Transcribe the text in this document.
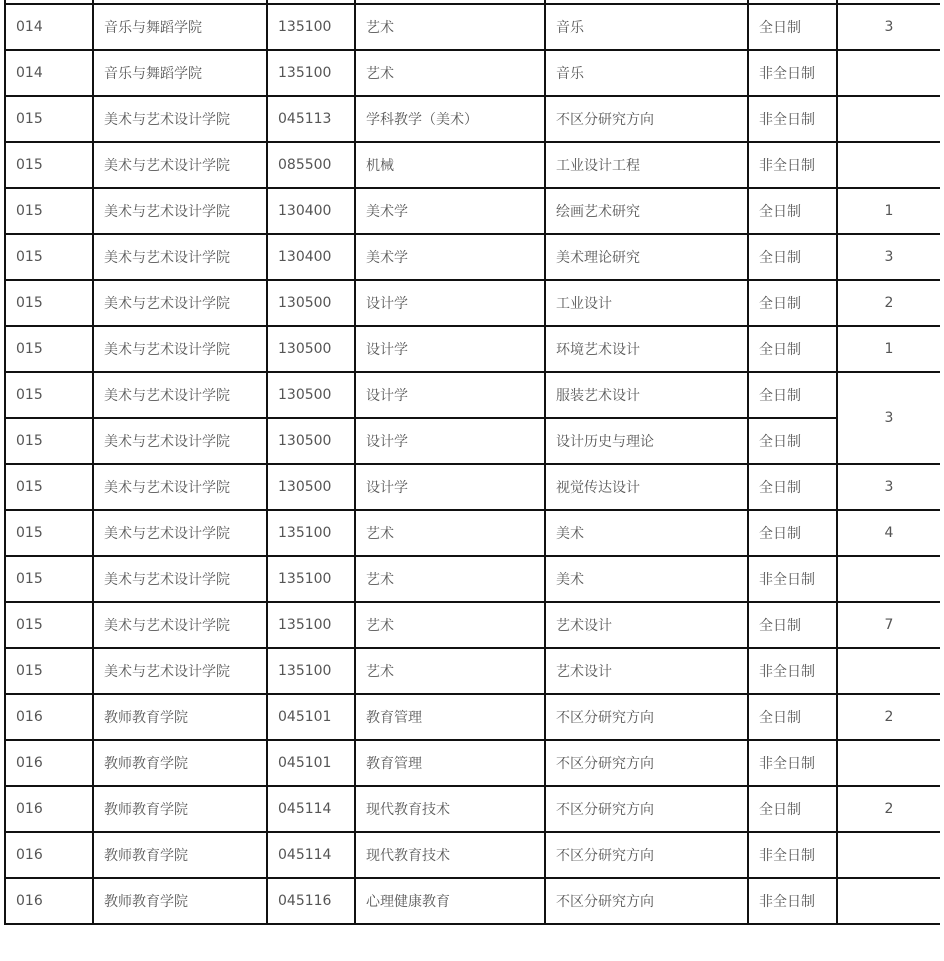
014	音乐与舞蹈学院	135100	艺术	音乐	全日制	3
014	音乐与舞蹈学院	135100	艺术	音乐	非全日制	
015	美术与艺术设计学院	045113	学科教学（美术）	不区分研究方向	非全日制	
015	美术与艺术设计学院	085500	机械	工业设计工程	非全日制	
015	美术与艺术设计学院	130400	美术学	绘画艺术研究	全日制	1
015	美术与艺术设计学院	130400	美术学	美术理论研究	全日制	3
015	美术与艺术设计学院	130500	设计学	工业设计	全日制	2
015	美术与艺术设计学院	130500	设计学	环境艺术设计	全日制	1
015	美术与艺术设计学院	130500	设计学	服装艺术设计	全日制	3
015	美术与艺术设计学院	130500	设计学	设计历史与理论	全日制	
015	美术与艺术设计学院	130500	设计学	视觉传达设计	全日制	3
015	美术与艺术设计学院	135100	艺术	美术	全日制	4
015	美术与艺术设计学院	135100	艺术	美术	非全日制	
015	美术与艺术设计学院	135100	艺术	艺术设计	全日制	7
015	美术与艺术设计学院	135100	艺术	艺术设计	非全日制	
016	教师教育学院	045101	教育管理	不区分研究方向	全日制	2
016	教师教育学院	045101	教育管理	不区分研究方向	非全日制	
016	教师教育学院	045114	现代教育技术	不区分研究方向	全日制	2
016	教师教育学院	045114	现代教育技术	不区分研究方向	非全日制	
016	教师教育学院	045116	心理健康教育	不区分研究方向	非全日制	
